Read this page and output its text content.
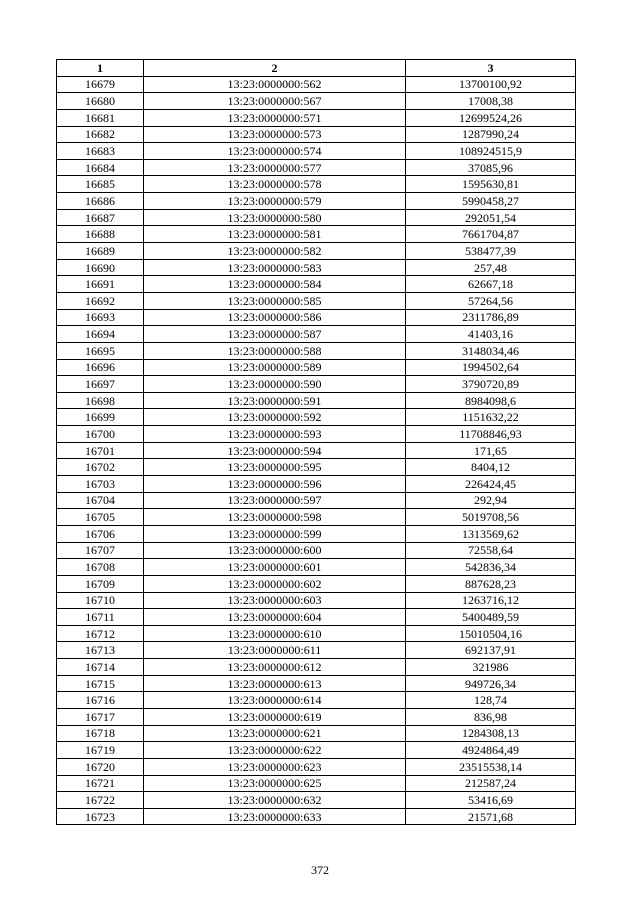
1	2	3
16679	13:23:0000000:562	13700100,92
16680	13:23:0000000:567	17008,38
16681	13:23:0000000:571	12699524,26
16682	13:23:0000000:573	1287990,24
16683	13:23:0000000:574	108924515,9
16684	13:23:0000000:577	37085,96
16685	13:23:0000000:578	1595630,81
16686	13:23:0000000:579	5990458,27
16687	13:23:0000000:580	292051,54
16688	13:23:0000000:581	7661704,87
16689	13:23:0000000:582	538477,39
16690	13:23:0000000:583	257,48
16691	13:23:0000000:584	62667,18
16692	13:23:0000000:585	57264,56
16693	13:23:0000000:586	2311786,89
16694	13:23:0000000:587	41403,16
16695	13:23:0000000:588	3148034,46
16696	13:23:0000000:589	1994502,64
16697	13:23:0000000:590	3790720,89
16698	13:23:0000000:591	8984098,6
16699	13:23:0000000:592	1151632,22
16700	13:23:0000000:593	11708846,93
16701	13:23:0000000:594	171,65
16702	13:23:0000000:595	8404,12
16703	13:23:0000000:596	226424,45
16704	13:23:0000000:597	292,94
16705	13:23:0000000:598	5019708,56
16706	13:23:0000000:599	1313569,62
16707	13:23:0000000:600	72558,64
16708	13:23:0000000:601	542836,34
16709	13:23:0000000:602	887628,23
16710	13:23:0000000:603	1263716,12
16711	13:23:0000000:604	5400489,59
16712	13:23:0000000:610	15010504,16
16713	13:23:0000000:611	692137,91
16714	13:23:0000000:612	321986
16715	13:23:0000000:613	949726,34
16716	13:23:0000000:614	128,74
16717	13:23:0000000:619	836,98
16718	13:23:0000000:621	1284308,13
16719	13:23:0000000:622	4924864,49
16720	13:23:0000000:623	23515538,14
16721	13:23:0000000:625	212587,24
16722	13:23:0000000:632	53416,69
16723	13:23:0000000:633	21571,68
372
